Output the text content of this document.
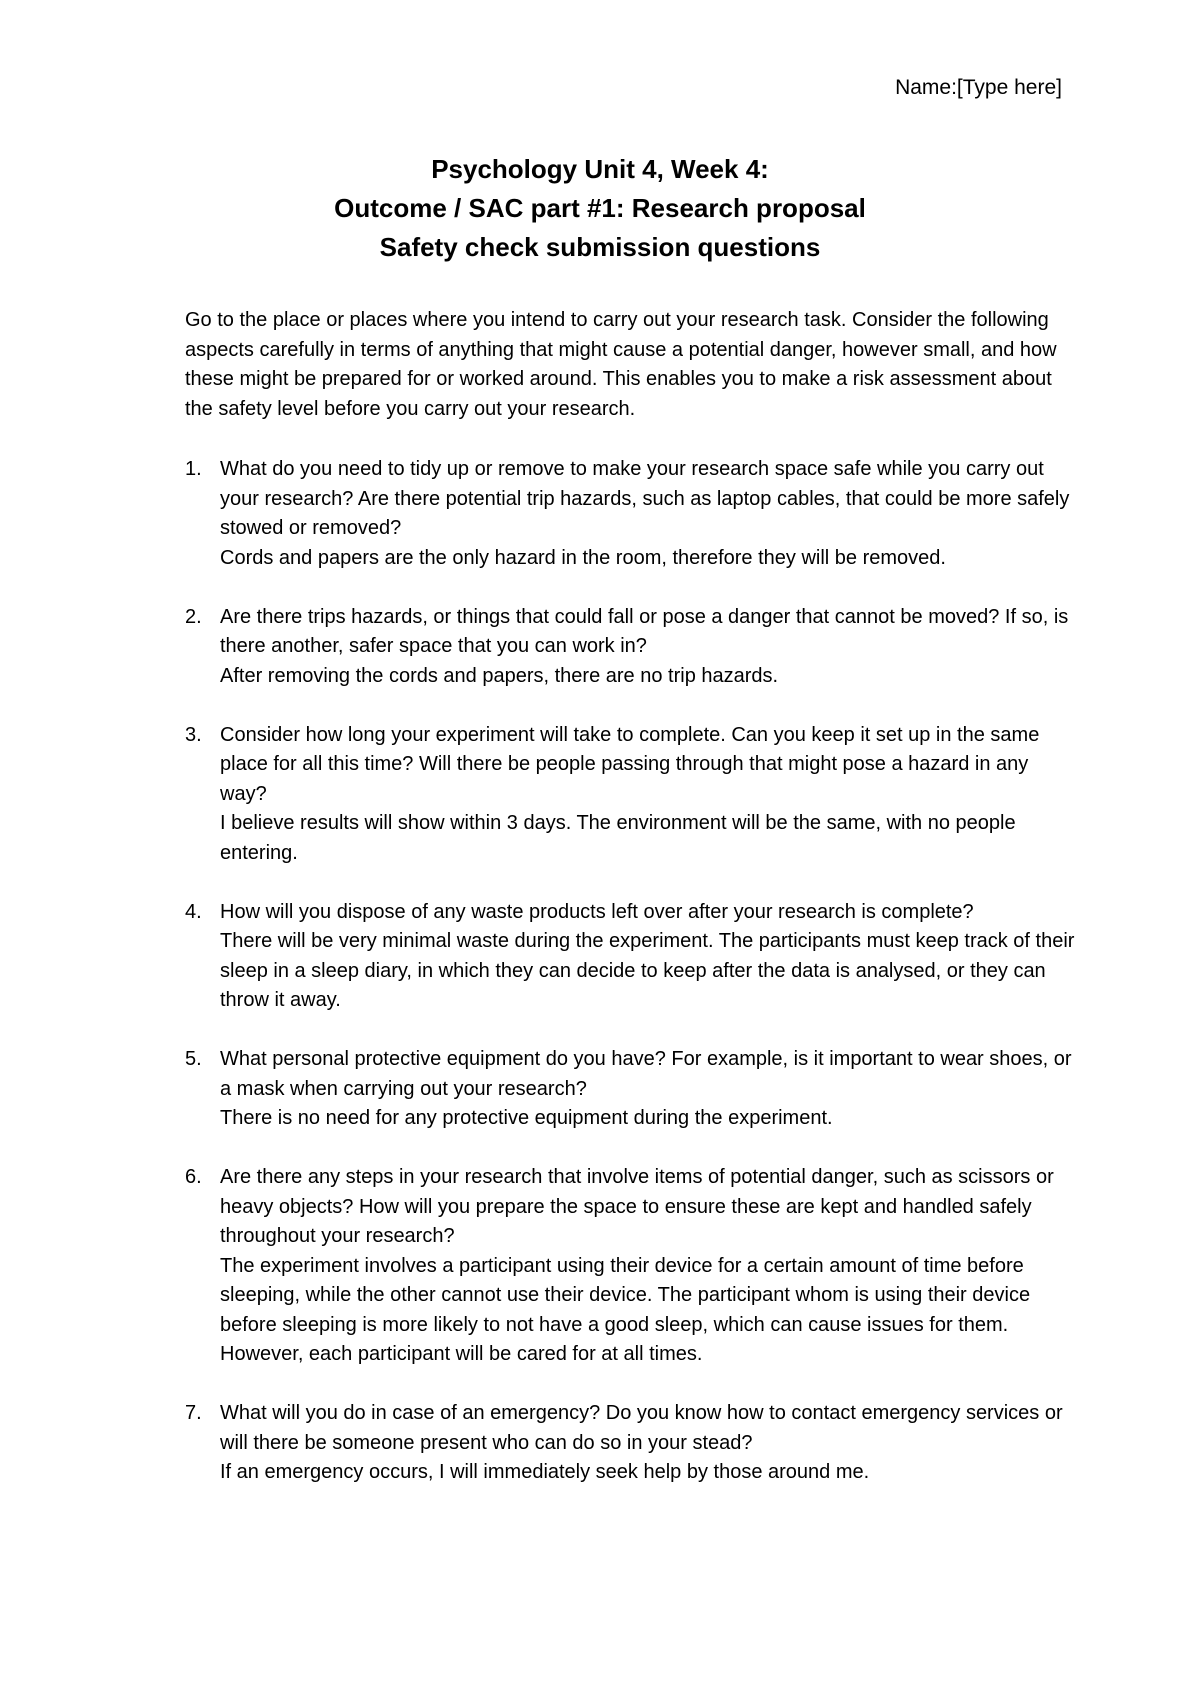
Name:[Type here]
Psychology Unit 4, Week 4:
Outcome / SAC part #1: Research proposal
Safety check submission questions

Go to the place or places where you intend to carry out your research task. Consider the following aspects carefully in terms of anything that might cause a potential danger, however small, and how these might be prepared for or worked around. This enables you to make a risk assessment about the safety level before you carry out your research.

1. What do you need to tidy up or remove to make your research space safe while you carry out your research? Are there potential trip hazards, such as laptop cables, that could be more safely stowed or removed?
Cords and papers are the only hazard in the room, therefore they will be removed.
2. Are there trips hazards, or things that could fall or pose a danger that cannot be moved? If so, is there another, safer space that you can work in?
After removing the cords and papers, there are no trip hazards.
3. Consider how long your experiment will take to complete. Can you keep it set up in the same place for all this time? Will there be people passing through that might pose a hazard in any way?
I believe results will show within 3 days. The environment will be the same, with no people entering.
4. How will you dispose of any waste products left over after your research is complete?
There will be very minimal waste during the experiment. The participants must keep track of their sleep in a sleep diary, in which they can decide to keep after the data is analysed, or they can throw it away.
5. What personal protective equipment do you have? For example, is it important to wear shoes, or a mask when carrying out your research?
There is no need for any protective equipment during the experiment.
6. Are there any steps in your research that involve items of potential danger, such as scissors or heavy objects? How will you prepare the space to ensure these are kept and handled safely throughout your research?
The experiment involves a participant using their device for a certain amount of time before sleeping, while the other cannot use their device. The participant whom is using their device before sleeping is more likely to not have a good sleep, which can cause issues for them. However, each participant will be cared for at all times.
7. What will you do in case of an emergency? Do you know how to contact emergency services or will there be someone present who can do so in your stead?
If an emergency occurs, I will immediately seek help by those around me.
